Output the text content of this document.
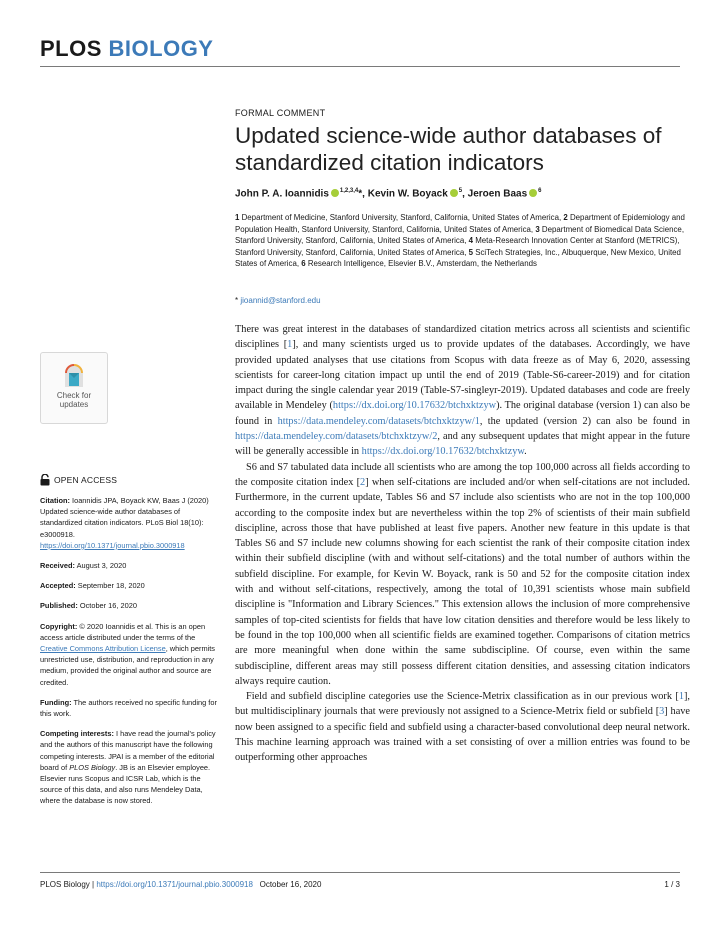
PLOS BIOLOGY
Check for
updates
OPEN ACCESS

Citation: Ioannidis JPA, Boyack KW, Baas J (2020) Updated science-wide author databases of standardized citation indicators. PLoS Biol 18(10): e3000918. https://doi.org/10.1371/journal.pbio.3000918

Received: August 3, 2020

Accepted: September 18, 2020

Published: October 16, 2020

Copyright: © 2020 Ioannidis et al. This is an open access article distributed under the terms of the Creative Commons Attribution License, which permits unrestricted use, distribution, and reproduction in any medium, provided the original author and source are credited.

Funding: The authors received no specific funding for this work.

Competing interests: I have read the journal's policy and the authors of this manuscript have the following competing interests. JPAI is a member of the editorial board of PLOS Biology. JB is an Elsevier employee. Elsevier runs Scopus and ICSR Lab, which is the source of this data, and also runs Mendeley Data, where the database is now stored.

FORMAL COMMENT
Updated science-wide author databases of standardized citation indicators
John P. A. Ioannidis $^{1,2,3,4}$*, Kevin W. Boyack $^5$, Jeroen Baas $^6$
1 Department of Medicine, Stanford University, Stanford, California, United States of America, 2 Department of Epidemiology and Population Health, Stanford University, Stanford, California, United States of America, 3 Department of Biomedical Data Science, Stanford University, Stanford, California, United States of America, 4 Meta-Research Innovation Center at Stanford (METRICS), Stanford University, Stanford, California, United States of America, 5 SciTech Strategies, Inc., Albuquerque, New Mexico, United States of America, 6 Research Intelligence, Elsevier B.V., Amsterdam, the Netherlands
* jioannid@stanford.edu

There was great interest in the databases of standardized citation metrics across all scientists and scientific disciplines [1], and many scientists urged us to provide updates of the databases. Accordingly, we have provided updated analyses that use citations from Scopus with data freeze as of May 6, 2020, assessing scientists for career-long citation impact up until the end of 2019 (Table-S6-career-2019) and for citation impact during the single calendar year 2019 (Table-S7-singleyr-2019). Updated databases and code are freely available in Mendeley (https://dx.doi.org/10.17632/btchxktzyw). The original database (version 1) can also be found in https://data.mendeley.com/datasets/btchxktzyw/1, the updated (version 2) can also be found in https://data.mendeley.com/datasets/btchxktzyw/2, and any subsequent updates that might appear in the future will be generally accessible in https://dx.doi.org/10.17632/btchxktzyw.

S6 and S7 tabulated data include all scientists who are among the top 100,000 across all fields according to the composite citation index [2] when self-citations are included and/or when self-citations are not included. Furthermore, in the current update, Tables S6 and S7 include also scientists who are not in the top 100,000 according to the composite index but are nevertheless within the top 2% of scientists of their main subfield discipline, across those that have published at least five papers. Another new feature in this update is that Tables S6 and S7 include new columns showing for each scientist the rank of their composite citation index within their subfield discipline (with and without self-citations) and the total number of authors within the subfield discipline. For example, for Kevin W. Boyack, rank is 50 and 52 for the composite citation index with and without self-citations, respectively, among the total of 10,391 scientists whose main subfield discipline is "Information and Library Sciences." This extension allows the inclusion of more comprehensive samples of top-cited scientists for fields that have low citation densities and therefore would be less likely to be found in the top 100,000 when all scientific fields are examined together. Comparisons of citation metrics are more meaningful when done within the same subdiscipline. Of course, even within the same subdiscipline, different areas may still possess different citation densities, and assessing citation indicators always require caution.

Field and subfield discipline categories use the Science-Metrix classification as in our previous work [1], but multidisciplinary journals that were previously not assigned to a Science-Metrix field or subfield [3] have now been assigned to a specific field and subfield using a character-based convolutional deep neural network. This machine learning approach was trained with a set consisting of over a million entries was found to be outperforming other approaches

PLOS Biology | https://doi.org/10.1371/journal.pbio.3000918 October 16, 2020	1 / 3
